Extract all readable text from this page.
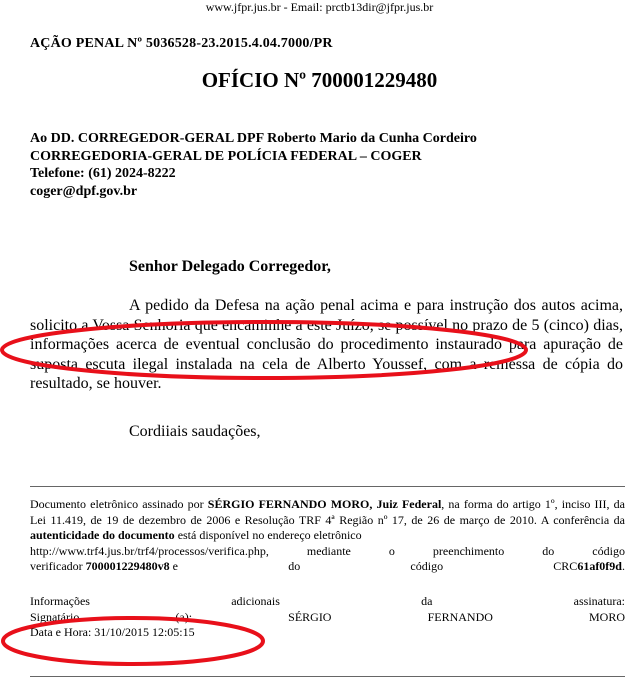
www.jfpr.jus.br - Email: prctb13dir@jfpr.jus.br
AÇÃO PENAL Nº 5036528-23.2015.4.04.7000/PR
OFÍCIO Nº 700001229480
Ao DD. CORREGEDOR-GERAL DPF Roberto Mario da Cunha Cordeiro
CORREGEDORIA-GERAL DE POLÍCIA FEDERAL – COGER
Telefone: (61) 2024-8222
coger@dpf.gov.br
Senhor Delegado Corregedor,
A pedido da Defesa na ação penal acima e para instrução dos autos acima, solicito a Vossa Senhoria que encaminhe a este Juízo, se possível no prazo de 5 (cinco) dias, informações acerca de eventual conclusão do procedimento instaurado para apuração de suposta escuta ilegal instalada na cela de Alberto Youssef, com a remessa de cópia do resultado, se houver.
Cordiiais saudações,
Documento eletrônico assinado por SÉRGIO FERNANDO MORO, Juiz Federal, na forma do artigo 1º, inciso III, da Lei 11.419, de 19 de dezembro de 2006 e Resolução TRF 4ª Região nº 17, de 26 de março de 2010. A conferência da autenticidade do documento está disponível no endereço eletrônico
http://www.trf4.jus.br/trf4/processos/verifica.php,	mediante	o	preenchimento	do	código
verificador 700001229480v8 e	do	código	CRC61af0f9d.
Informações	adicionais	da	assinatura:
Signatário	(a):	SÉRGIO	FERNANDO	MORO
Data e Hora: 31/10/2015 12:05:15
